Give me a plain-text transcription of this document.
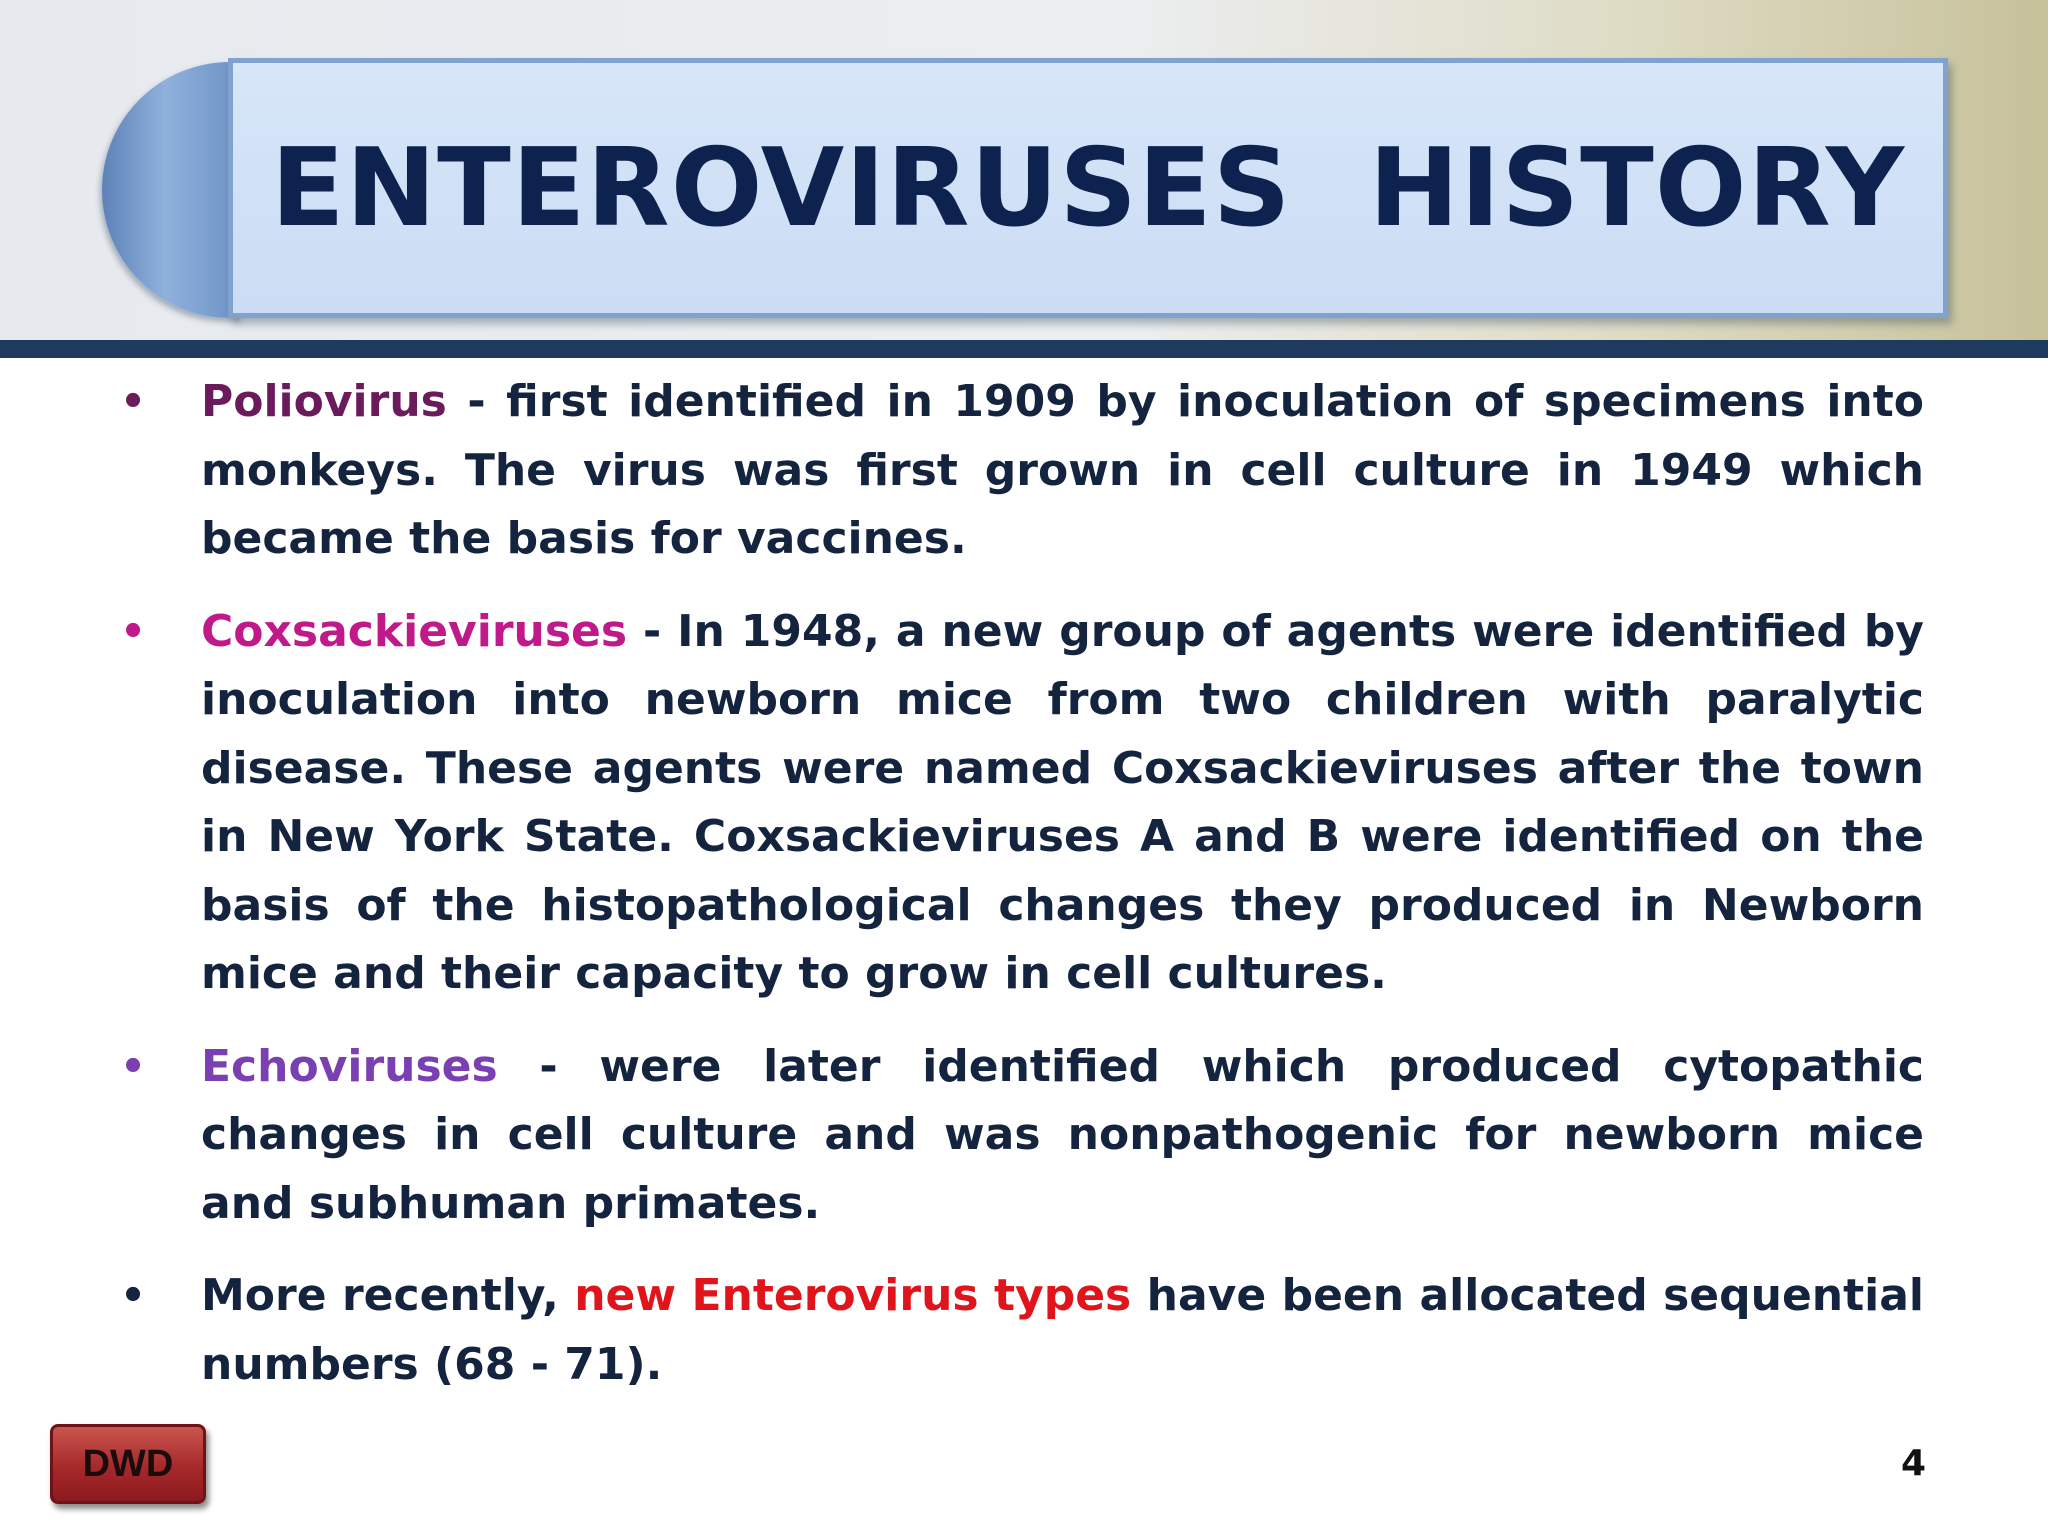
ENTEROVIRUSES  HISTORY
• Poliovirus - first identified in 1909 by inoculation of specimens into monkeys. The virus was first grown in cell culture in 1949 which became the basis for vaccines.
• Coxsackieviruses - In 1948, a new group of agents were identified by inoculation into newborn mice from two children with paralytic disease. These agents were named Coxsackieviruses after the town in New York State. Coxsackieviruses A and B were identified on the basis of the histopathological changes they produced in Newborn mice and their capacity to grow in cell cultures.
• Echoviruses - were later identified which produced cytopathic changes in cell culture and was nonpathogenic for newborn mice and subhuman primates.
• More recently, new Enterovirus types have been allocated sequential numbers (68 - 71).
DWD	4
